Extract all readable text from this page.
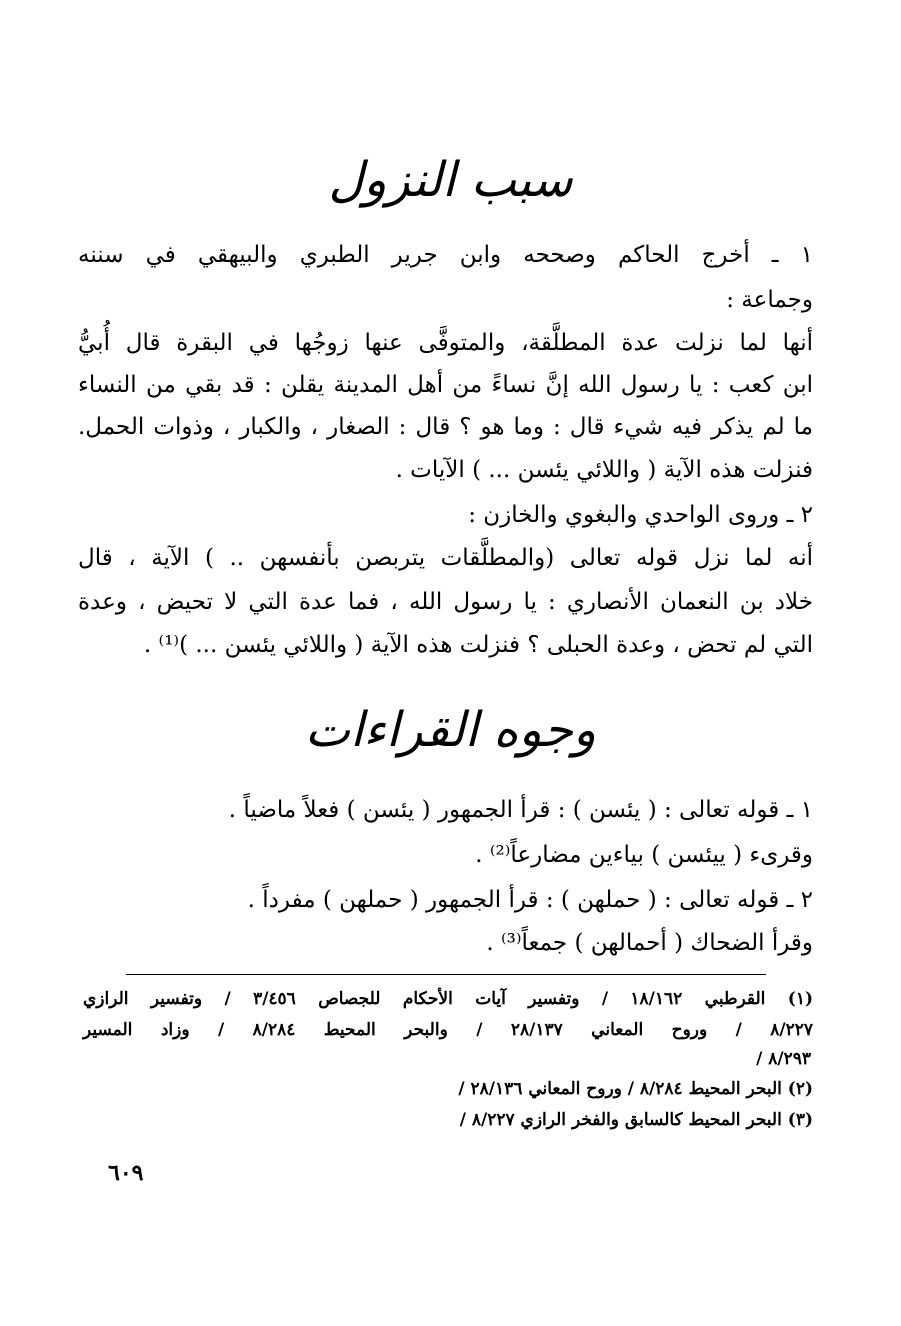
سبب النزول
١ ـ أخرج الحاكم وصححه وابن جرير الطبري والبيهقي في سننه
وجماعة :
أنها لما نزلت عدة المطلَّقة، والمتوفَّى عنها زوجُها في البقرة قال أُبيُّ
ابن كعب : يا رسول الله إنَّ نساءً من أهل المدينة يقلن : قد بقي من النساء
ما لم يذكر فيه شيء قال : وما هو ؟ قال : الصغار ، والكبار ، وذوات الحمل.
فنزلت هذه الآية ( واللائي يئسن ... ) الآيات .
٢ ـ وروى الواحدي والبغوي والخازن :
أنه لما نزل قوله تعالى (والمطلَّقات يتربصن بأنفسهن .. ) الآية ، قال
خلاد بن النعمان الأنصاري : يا رسول الله ، فما عدة التي لا تحيض ، وعدة
التي لم تحض ، وعدة الحبلى ؟ فنزلت هذه الآية ( واللائي يئسن ... )⁽¹⁾ .
وجوه القراءات
١ ـ قوله تعالى : ( يئسن ) : قرأ الجمهور ( يئسن ) فعلاً ماضياً .
وقرىء ( ييئسن ) بياءين مضارعاً⁽²⁾ .
٢ ـ قوله تعالى : ( حملهن ) : قرأ الجمهور ( حملهن ) مفرداً .
وقرأ الضحاك ( أحمالهن ) جمعاً⁽³⁾ .
(١) القرطبي ١٨/١٦٢ / وتفسير آيات الأحكام للجصاص ٣/٤٥٦ / وتفسير الرازي
٨/٢٢٧ / وروح المعاني ٢٨/١٣٧ / والبحر المحيط ٨/٢٨٤ / وزاد المسير
٨/٢٩٣ /
(٢) البحر المحيط ٨/٢٨٤ / وروح المعاني ٢٨/١٣٦ /
(٣) البحر المحيط كالسابق والفخر الرازي ٨/٢٢٧ /
٦٠٩
